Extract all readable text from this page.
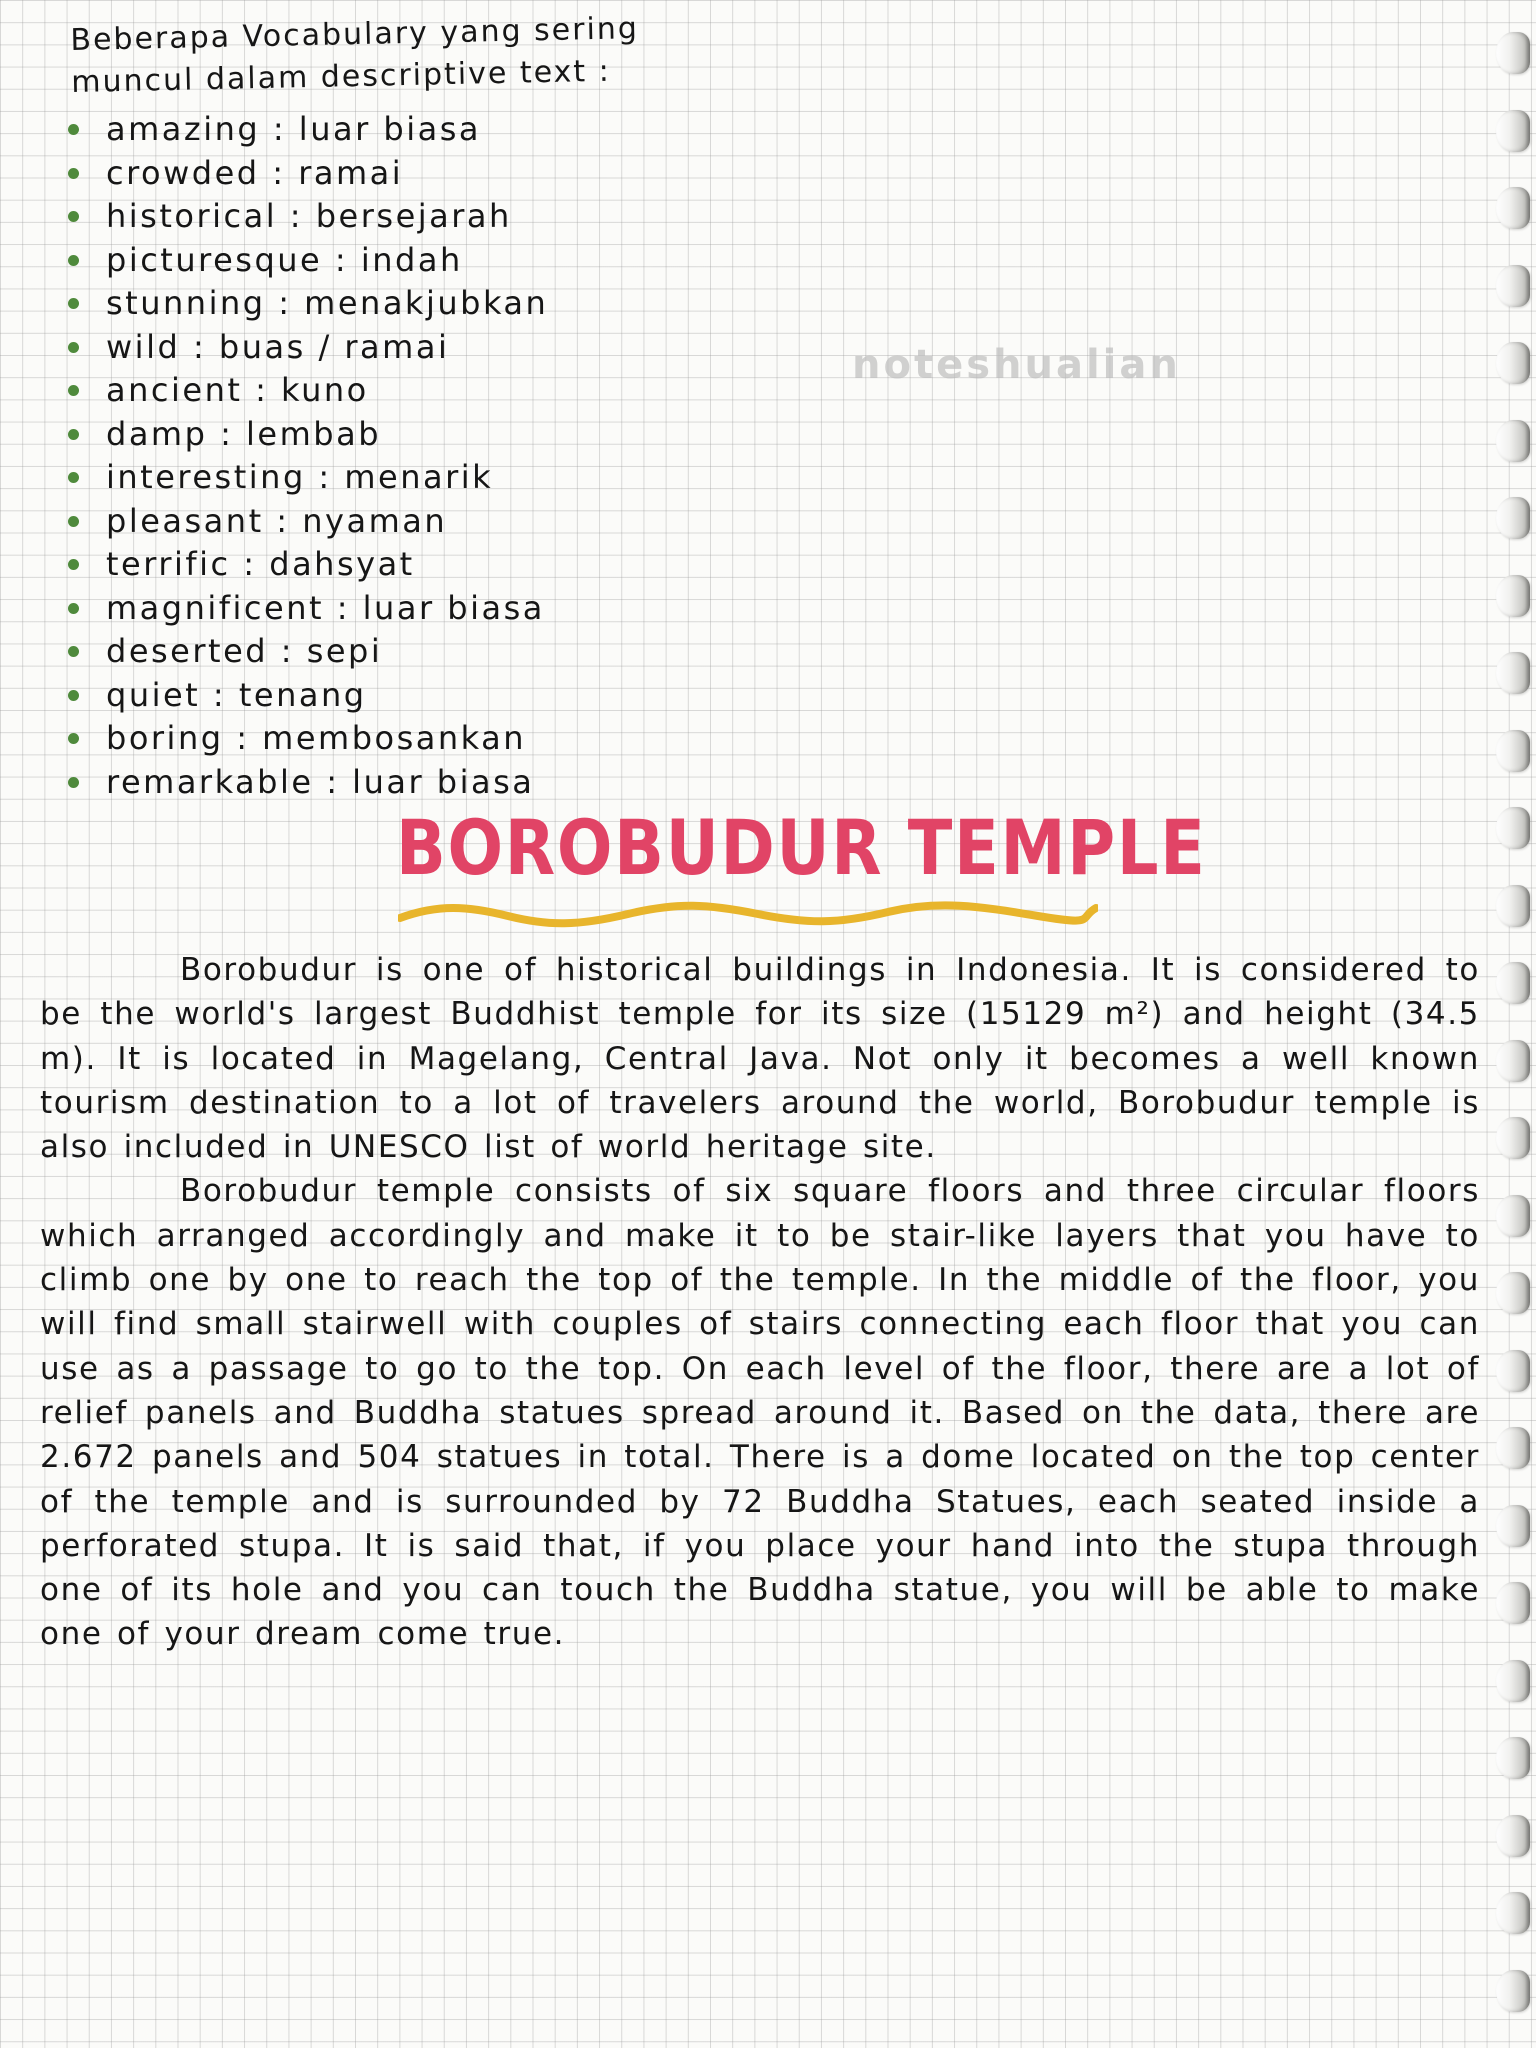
Beberapa Vocabulary yang sering
muncul dalam descriptive text :
amazing : luar biasa
crowded : ramai
historical : bersejarah
picturesque : indah
stunning : menakjubkan
wild : buas / ramai
ancient : kuno
damp : lembab
interesting : menarik
pleasant : nyaman
terrific : dahsyat
magnificent : luar biasa
deserted : sepi
quiet : tenang
boring : membosankan
remarkable : luar biasa
noteshualian
BOROBUDUR TEMPLE

Borobudur is one of historical buildings in Indonesia. It is considered to be the world's largest Buddhist temple for its size (15129 m²) and height (34.5 m). It is located in Magelang, Central Java. Not only it becomes a well known tourism destination to a lot of travelers around the world, Borobudur temple is also included in UNESCO list of world heritage site.

Borobudur temple consists of six square floors and three circular floors which arranged accordingly and make it to be stair-like layers that you have to climb one by one to reach the top of the temple. In the middle of the floor, you will find small stairwell with couples of stairs connecting each floor that you can use as a passage to go to the top. On each level of the floor, there are a lot of relief panels and Buddha statues spread around it. Based on the data, there are 2.672 panels and 504 statues in total. There is a dome located on the top center of the temple and is surrounded by 72 Buddha Statues, each seated inside a perforated stupa. It is said that, if you place your hand into the stupa through one of its hole and you can touch the Buddha statue, you will be able to make one of your dream come true.
